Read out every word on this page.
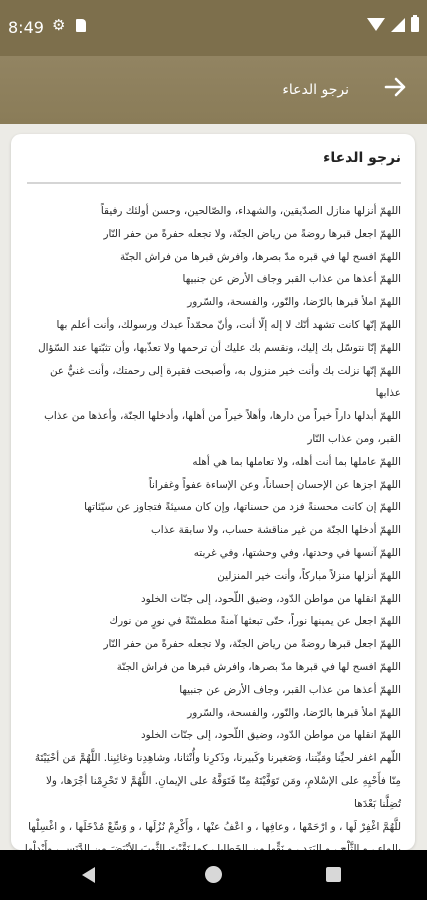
8:49 ⚙
نرجو الدعاء
نرجو الدعاء

اللهمّ أنزلها منازل الصدّيقين، والشهداء، والصّالحين، وحسن أولئك رفيقاً

اللهمّ اجعل قبرها روضةً من رياض الجنّة، ولا تجعله حفرةً من حفر النّار

اللهمّ افسح لها في قبره مدّ بصرها، وافرش قبرها من فراش الجنّة

اللهمّ أعذها من عذاب القبر وجاف الأرض عن جنبيها

اللهمّ املأ قبرها بالرّضا، والنّور، والفسحة، والسّرور

اللهمّ إنّها كانت تشهد أنّك لا إله إلّا أنت، وأنّ محمّداً عبدك ورسولك، وأنت أعلم بها

اللهمّ إنّا نتوسّل بك إليك، ونقسم بك عليك أن ترحمها ولا تعذّبها، وأن تثبّتها عند السّؤال

اللهمّ إنّها نزلت بك وأنت خير منزول به، وأصبحت فقيرة إلى رحمتك، وأنت غنيٌّ عن عذابها

اللهمّ أبدلها داراً خيراً من دارها، وأهلاً خيراً من أهلها، وأدخلها الجنّة، وأعذها من عذاب القبر، ومن عذاب النّار

اللهمّ عاملها بما أنت أهله، ولا تعاملها بما هي أهله

اللهمّ اجزها عن الإحسان إحساناً، وعن الإساءة عفواً وغفراناً

اللهمّ إن كانت محسنةً فزد من حسناتها، وإن كان مسيئةً فتجاوز عن سيّئاتها

اللهمّ أدخلها الجنّة من غير مناقشة حساب، ولا سابقة عذاب

اللهمّ آنسها في وحدتها، وفي وحشتها، وفي غربته

اللهمّ أنزلها منزلاً مباركاً، وأنت خير المنزلين

اللهمّ انقلها من مواطن الدّود، وضيق اللّحود، إلى جنّات الخلود

اللهمّ اجعل عن يمينها نوراً، حتّى تبعثها آمنةً مطمئنّةً في نورٍ من نورك

اللهمّ اجعل قبرها روضةً من رياض الجنّة، ولا تجعله حفرةً من حفر النّار

اللهمّ افسح لها في قبرها مدّ بصرها، وافرش قبرها من فراش الجنّة

اللهمّ أعذها من عذاب القبر، وجاف الأرض عن جنبيها

اللهمّ املأ قبرها بالرّضا، والنّور، والفسحة، والسّرور

اللهمّ انقلها من مواطن الدّود، وضيق اللّحود، إلى جنّات الخلود

اللّهم اغفر لحيِّنا ومَيِّتنا، وَصَغيرنا وكَبيرنا، وذَكرِنا وأُنْثانا، وشاهِدِنا وغائِبِنا. اللَّهُمَّ مَن أحْيَيْتَهُ مِنّا فأَحْيِهِ على الإسْلامِ، ومَن تَوَفَّيْتَهُ مِنّا فَتَوَفَّهُ على الإيمانِ. اللَّهُمَّ لا تَحْرِمْنا أجْرَها، ولا تُضِلَّنا بَعْدَها

للَّهُمَّ اغْفِرْ لَها ، و ارْحَمْها ، وعافِها ، و اعْفُ عنْها ، وأَكْرِمْ نُزُلَها ، و وَسِّعْ مُدْخَلَها ، و اغْسِلْها
